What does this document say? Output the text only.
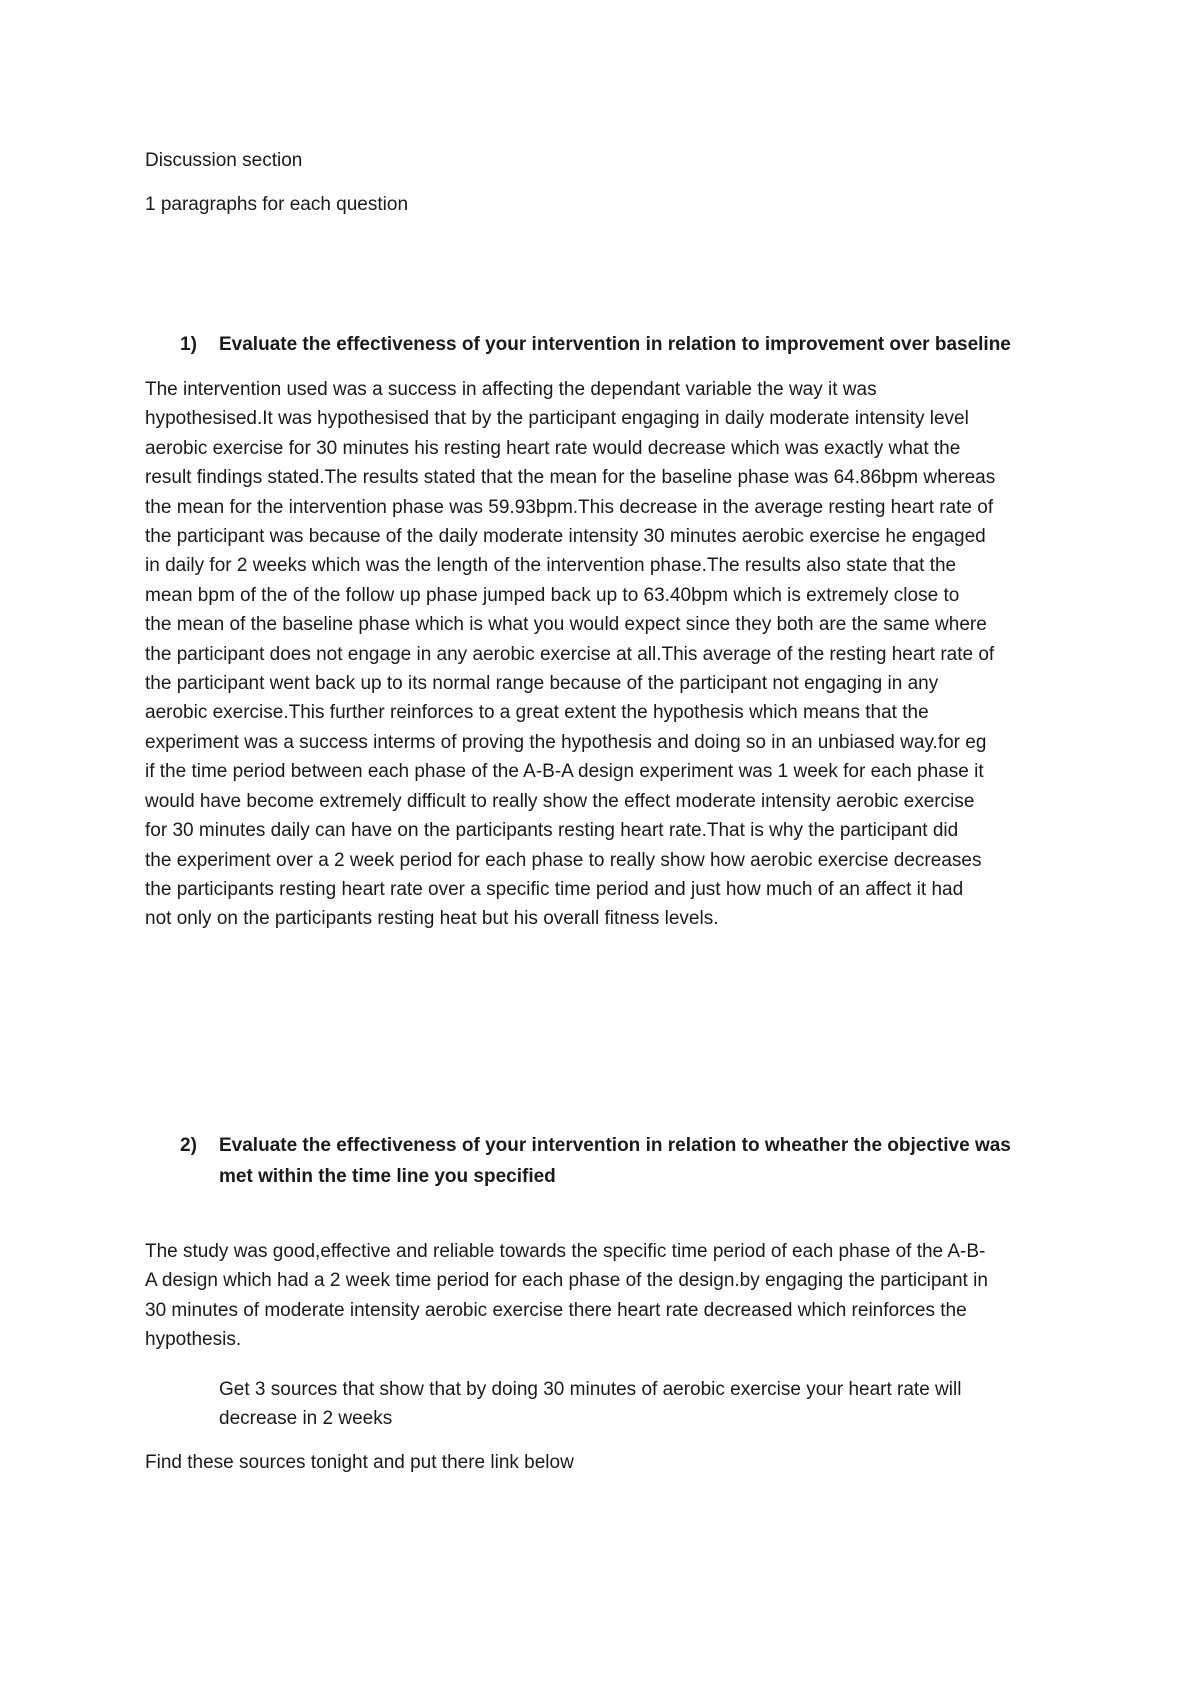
Discussion section
1 paragraphs for each question
1) Evaluate the effectiveness of your intervention in relation to improvement over baseline
The intervention used was a success in affecting the dependant variable the way it was
hypothesised.It was hypothesised that by the participant engaging in daily moderate intensity level
aerobic exercise for 30 minutes his resting heart rate would decrease which was exactly what the
result findings stated.The results stated that the mean for the baseline phase was 64.86bpm whereas
the mean for the intervention phase was 59.93bpm.This decrease in the average resting heart rate of
the participant was because of the daily moderate intensity 30 minutes aerobic exercise he engaged
in daily for 2 weeks which was the length of the intervention phase.The results also state that the
mean bpm of the of the follow up phase jumped back up to 63.40bpm which is extremely close to
the mean of the baseline phase which is what you would expect since they both are the same where
the participant does not engage in any aerobic exercise at all.This average of the resting heart rate of
the participant went back up to its normal range because of the participant not engaging in any
aerobic exercise.This further reinforces to a great extent the hypothesis which means that the
experiment was a success interms of proving the hypothesis and doing so in an unbiased way.for eg
if the time period between each phase of the A-B-A design experiment was 1 week for each phase it
would have become extremely difficult to really show the effect moderate intensity aerobic exercise
for 30 minutes daily can have on the participants resting heart rate.That is why the participant did
the experiment over a 2 week period for each phase to really show how aerobic exercise decreases
the participants resting heart rate over a specific time period and just how much of an affect it had
not only on the participants resting heat but his overall fitness levels.
2) Evaluate the effectiveness of your intervention in relation to wheather the objective was
met within the time line you specified
The study was good,effective and reliable towards the specific time period of each phase of the A-B-
A design which had a 2 week time period for each phase of the design.by engaging the participant in
30 minutes of moderate intensity aerobic exercise there heart rate decreased which reinforces the
hypothesis.
Get 3 sources that show that by doing 30 minutes of aerobic exercise your heart rate will
decrease in 2 weeks
Find these sources tonight and put there link below
